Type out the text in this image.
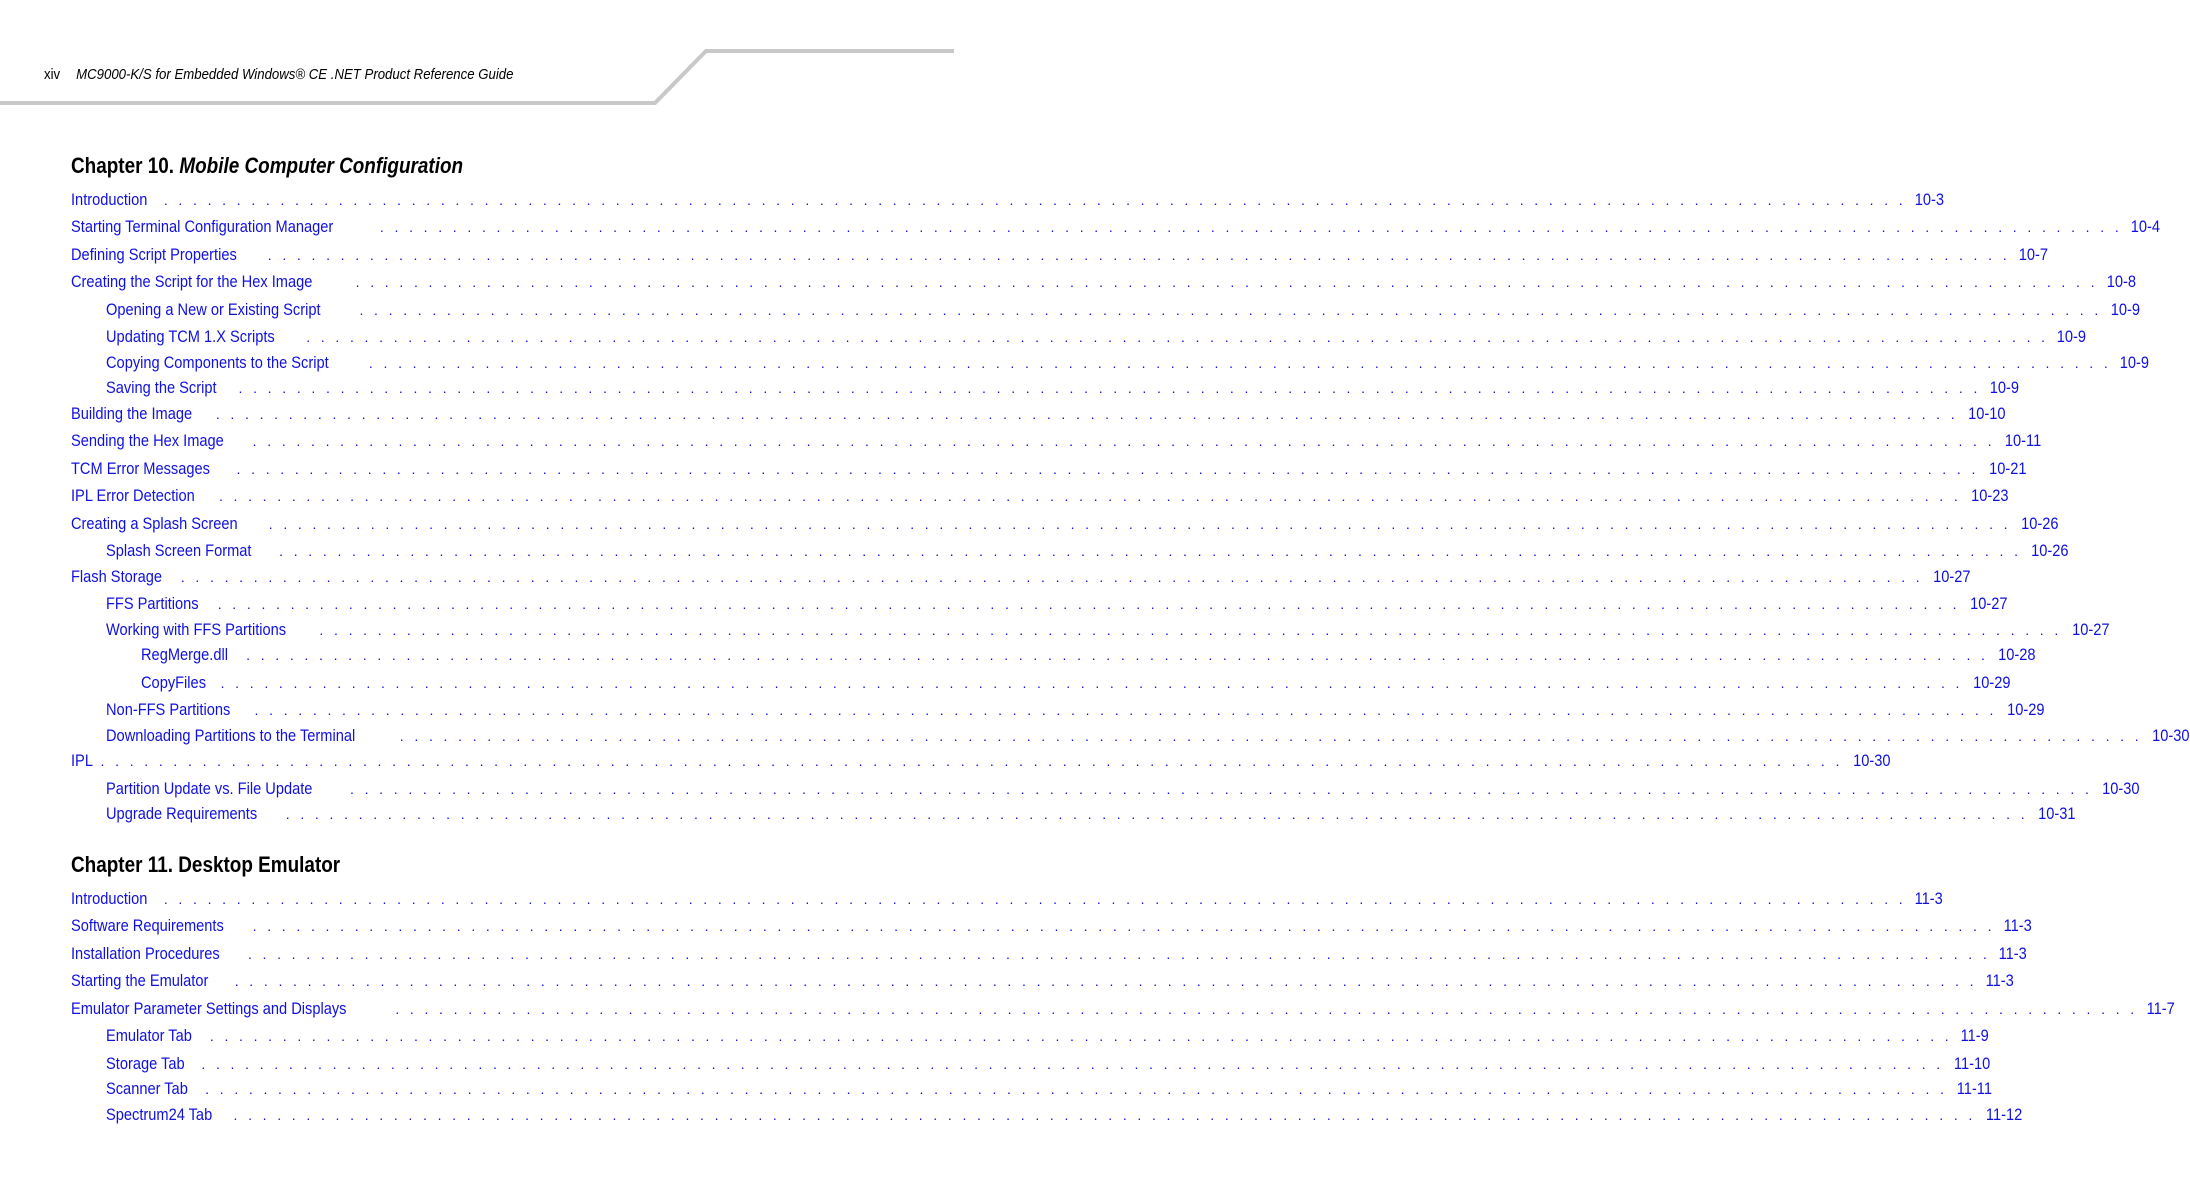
xiv MC9000-K/S for Embedded Windows® CE .NET Product Reference Guide
Chapter 10. Mobile Computer Configuration
Introduction . . . . . . . . . . . . . . . . . . . . . . . . . . . . . . . . . . . . . . . . . . . . . . . . . . . . . . . . . . . . . . . . . . . . . . . . . . . . . . . . . . . . . . . . . . . . . . . . . . . . . . . . . . . . . . . . . . . . . . . . 10-3
Starting Terminal Configuration Manager	. . . . . . . . . . . . . . . . . . . . . . . . . . . . . . . . . . . . . . . . . . . . . . . . . . . . . . . . . . . . . . . . . . . . . . . . . . . . . . . . . . . . . . . . . . . . . . . . . . . . . . . . . . . . . . . . . . . . . . . . 10-4
Defining Script Properties . . . . . . . . . . . . . . . . . . . . . . . . . . . . . . . . . . . . . . . . . . . . . . . . . . . . . . . . . . . . . . . . . . . . . . . . . . . . . . . . . . . . . . . . . . . . . . . . . . . . . . . . . . . . . . . . . . . . . . . . 10-7
Creating the Script for the Hex Image	. . . . . . . . . . . . . . . . . . . . . . . . . . . . . . . . . . . . . . . . . . . . . . . . . . . . . . . . . . . . . . . . . . . . . . . . . . . . . . . . . . . . . . . . . . . . . . . . . . . . . . . . . . . . . . . . . . . . . . . . 10-8
Opening a New or Existing Script	. . . . . . . . . . . . . . . . . . . . . . . . . . . . . . . . . . . . . . . . . . . . . . . . . . . . . . . . . . . . . . . . . . . . . . . . . . . . . . . . . . . . . . . . . . . . . . . . . . . . . . . . . . . . . . . . . . . . . . . . 10-9
Updating TCM 1.X Scripts . . . . . . . . . . . . . . . . . . . . . . . . . . . . . . . . . . . . . . . . . . . . . . . . . . . . . . . . . . . . . . . . . . . . . . . . . . . . . . . . . . . . . . . . . . . . . . . . . . . . . . . . . . . . . . . . . . . . . . . . 10-9
Copying Components to the Script	. . . . . . . . . . . . . . . . . . . . . . . . . . . . . . . . . . . . . . . . . . . . . . . . . . . . . . . . . . . . . . . . . . . . . . . . . . . . . . . . . . . . . . . . . . . . . . . . . . . . . . . . . . . . . . . . . . . . . . . . 10-9
Saving the Script . . . . . . . . . . . . . . . . . . . . . . . . . . . . . . . . . . . . . . . . . . . . . . . . . . . . . . . . . . . . . . . . . . . . . . . . . . . . . . . . . . . . . . . . . . . . . . . . . . . . . . . . . . . . . . . . . . . . . . . . 10-9
Building the Image . . . . . . . . . . . . . . . . . . . . . . . . . . . . . . . . . . . . . . . . . . . . . . . . . . . . . . . . . . . . . . . . . . . . . . . . . . . . . . . . . . . . . . . . . . . . . . . . . . . . . . . . . . . . . . . . . . . . . . . . 10-10
Sending the Hex Image . . . . . . . . . . . . . . . . . . . . . . . . . . . . . . . . . . . . . . . . . . . . . . . . . . . . . . . . . . . . . . . . . . . . . . . . . . . . . . . . . . . . . . . . . . . . . . . . . . . . . . . . . . . . . . . . . . . . . . . . 10-11
TCM Error Messages . . . . . . . . . . . . . . . . . . . . . . . . . . . . . . . . . . . . . . . . . . . . . . . . . . . . . . . . . . . . . . . . . . . . . . . . . . . . . . . . . . . . . . . . . . . . . . . . . . . . . . . . . . . . . . . . . . . . . . . . 10-21
IPL Error Detection . . . . . . . . . . . . . . . . . . . . . . . . . . . . . . . . . . . . . . . . . . . . . . . . . . . . . . . . . . . . . . . . . . . . . . . . . . . . . . . . . . . . . . . . . . . . . . . . . . . . . . . . . . . . . . . . . . . . . . . . 10-23
Creating a Splash Screen . . . . . . . . . . . . . . . . . . . . . . . . . . . . . . . . . . . . . . . . . . . . . . . . . . . . . . . . . . . . . . . . . . . . . . . . . . . . . . . . . . . . . . . . . . . . . . . . . . . . . . . . . . . . . . . . . . . . . . . . 10-26
Splash Screen Format . . . . . . . . . . . . . . . . . . . . . . . . . . . . . . . . . . . . . . . . . . . . . . . . . . . . . . . . . . . . . . . . . . . . . . . . . . . . . . . . . . . . . . . . . . . . . . . . . . . . . . . . . . . . . . . . . . . . . . . . 10-26
Flash Storage . . . . . . . . . . . . . . . . . . . . . . . . . . . . . . . . . . . . . . . . . . . . . . . . . . . . . . . . . . . . . . . . . . . . . . . . . . . . . . . . . . . . . . . . . . . . . . . . . . . . . . . . . . . . . . . . . . . . . . . . 10-27
FFS Partitions . . . . . . . . . . . . . . . . . . . . . . . . . . . . . . . . . . . . . . . . . . . . . . . . . . . . . . . . . . . . . . . . . . . . . . . . . . . . . . . . . . . . . . . . . . . . . . . . . . . . . . . . . . . . . . . . . . . . . . . . 10-27
Working with FFS Partitions . . . . . . . . . . . . . . . . . . . . . . . . . . . . . . . . . . . . . . . . . . . . . . . . . . . . . . . . . . . . . . . . . . . . . . . . . . . . . . . . . . . . . . . . . . . . . . . . . . . . . . . . . . . . . . . . . . . . . . . . 10-27
RegMerge.dll . . . . . . . . . . . . . . . . . . . . . . . . . . . . . . . . . . . . . . . . . . . . . . . . . . . . . . . . . . . . . . . . . . . . . . . . . . . . . . . . . . . . . . . . . . . . . . . . . . . . . . . . . . . . . . . . . . . . . . . . 10-28
CopyFiles . . . . . . . . . . . . . . . . . . . . . . . . . . . . . . . . . . . . . . . . . . . . . . . . . . . . . . . . . . . . . . . . . . . . . . . . . . . . . . . . . . . . . . . . . . . . . . . . . . . . . . . . . . . . . . . . . . . . . . . . 10-29
Non-FFS Partitions . . . . . . . . . . . . . . . . . . . . . . . . . . . . . . . . . . . . . . . . . . . . . . . . . . . . . . . . . . . . . . . . . . . . . . . . . . . . . . . . . . . . . . . . . . . . . . . . . . . . . . . . . . . . . . . . . . . . . . . . 10-29
Downloading Partitions to the Terminal	. . . . . . . . . . . . . . . . . . . . . . . . . . . . . . . . . . . . . . . . . . . . . . . . . . . . . . . . . . . . . . . . . . . . . . . . . . . . . . . . . . . . . . . . . . . . . . . . . . . . . . . . . . . . . . . . . . . . . . . . 10-30
IPL . . . . . . . . . . . . . . . . . . . . . . . . . . . . . . . . . . . . . . . . . . . . . . . . . . . . . . . . . . . . . . . . . . . . . . . . . . . . . . . . . . . . . . . . . . . . . . . . . . . . . . . . . . . . . . . . . . . . . . . . 10-30
Partition Update vs. File Update	. . . . . . . . . . . . . . . . . . . . . . . . . . . . . . . . . . . . . . . . . . . . . . . . . . . . . . . . . . . . . . . . . . . . . . . . . . . . . . . . . . . . . . . . . . . . . . . . . . . . . . . . . . . . . . . . . . . . . . . . 10-30
Upgrade Requirements . . . . . . . . . . . . . . . . . . . . . . . . . . . . . . . . . . . . . . . . . . . . . . . . . . . . . . . . . . . . . . . . . . . . . . . . . . . . . . . . . . . . . . . . . . . . . . . . . . . . . . . . . . . . . . . . . . . . . . . . 10-31
Chapter 11. Desktop Emulator
Introduction . . . . . . . . . . . . . . . . . . . . . . . . . . . . . . . . . . . . . . . . . . . . . . . . . . . . . . . . . . . . . . . . . . . . . . . . . . . . . . . . . . . . . . . . . . . . . . . . . . . . . . . . . . . . . . . . . . . . . . . . 11-3
Software Requirements . . . . . . . . . . . . . . . . . . . . . . . . . . . . . . . . . . . . . . . . . . . . . . . . . . . . . . . . . . . . . . . . . . . . . . . . . . . . . . . . . . . . . . . . . . . . . . . . . . . . . . . . . . . . . . . . . . . . . . . . 11-3
Installation Procedures . . . . . . . . . . . . . . . . . . . . . . . . . . . . . . . . . . . . . . . . . . . . . . . . . . . . . . . . . . . . . . . . . . . . . . . . . . . . . . . . . . . . . . . . . . . . . . . . . . . . . . . . . . . . . . . . . . . . . . . . 11-3
Starting the Emulator . . . . . . . . . . . . . . . . . . . . . . . . . . . . . . . . . . . . . . . . . . . . . . . . . . . . . . . . . . . . . . . . . . . . . . . . . . . . . . . . . . . . . . . . . . . . . . . . . . . . . . . . . . . . . . . . . . . . . . . . 11-3
Emulator Parameter Settings and Displays	. . . . . . . . . . . . . . . . . . . . . . . . . . . . . . . . . . . . . . . . . . . . . . . . . . . . . . . . . . . . . . . . . . . . . . . . . . . . . . . . . . . . . . . . . . . . . . . . . . . . . . . . . . . . . . . . . . . . . . . . 11-7
Emulator Tab . . . . . . . . . . . . . . . . . . . . . . . . . . . . . . . . . . . . . . . . . . . . . . . . . . . . . . . . . . . . . . . . . . . . . . . . . . . . . . . . . . . . . . . . . . . . . . . . . . . . . . . . . . . . . . . . . . . . . . . . 11-9
Storage Tab . . . . . . . . . . . . . . . . . . . . . . . . . . . . . . . . . . . . . . . . . . . . . . . . . . . . . . . . . . . . . . . . . . . . . . . . . . . . . . . . . . . . . . . . . . . . . . . . . . . . . . . . . . . . . . . . . . . . . . . . 11-10
Scanner Tab . . . . . . . . . . . . . . . . . . . . . . . . . . . . . . . . . . . . . . . . . . . . . . . . . . . . . . . . . . . . . . . . . . . . . . . . . . . . . . . . . . . . . . . . . . . . . . . . . . . . . . . . . . . . . . . . . . . . . . . . 11-11
Spectrum24 Tab . . . . . . . . . . . . . . . . . . . . . . . . . . . . . . . . . . . . . . . . . . . . . . . . . . . . . . . . . . . . . . . . . . . . . . . . . . . . . . . . . . . . . . . . . . . . . . . . . . . . . . . . . . . . . . . . . . . . . . . . 11-12
